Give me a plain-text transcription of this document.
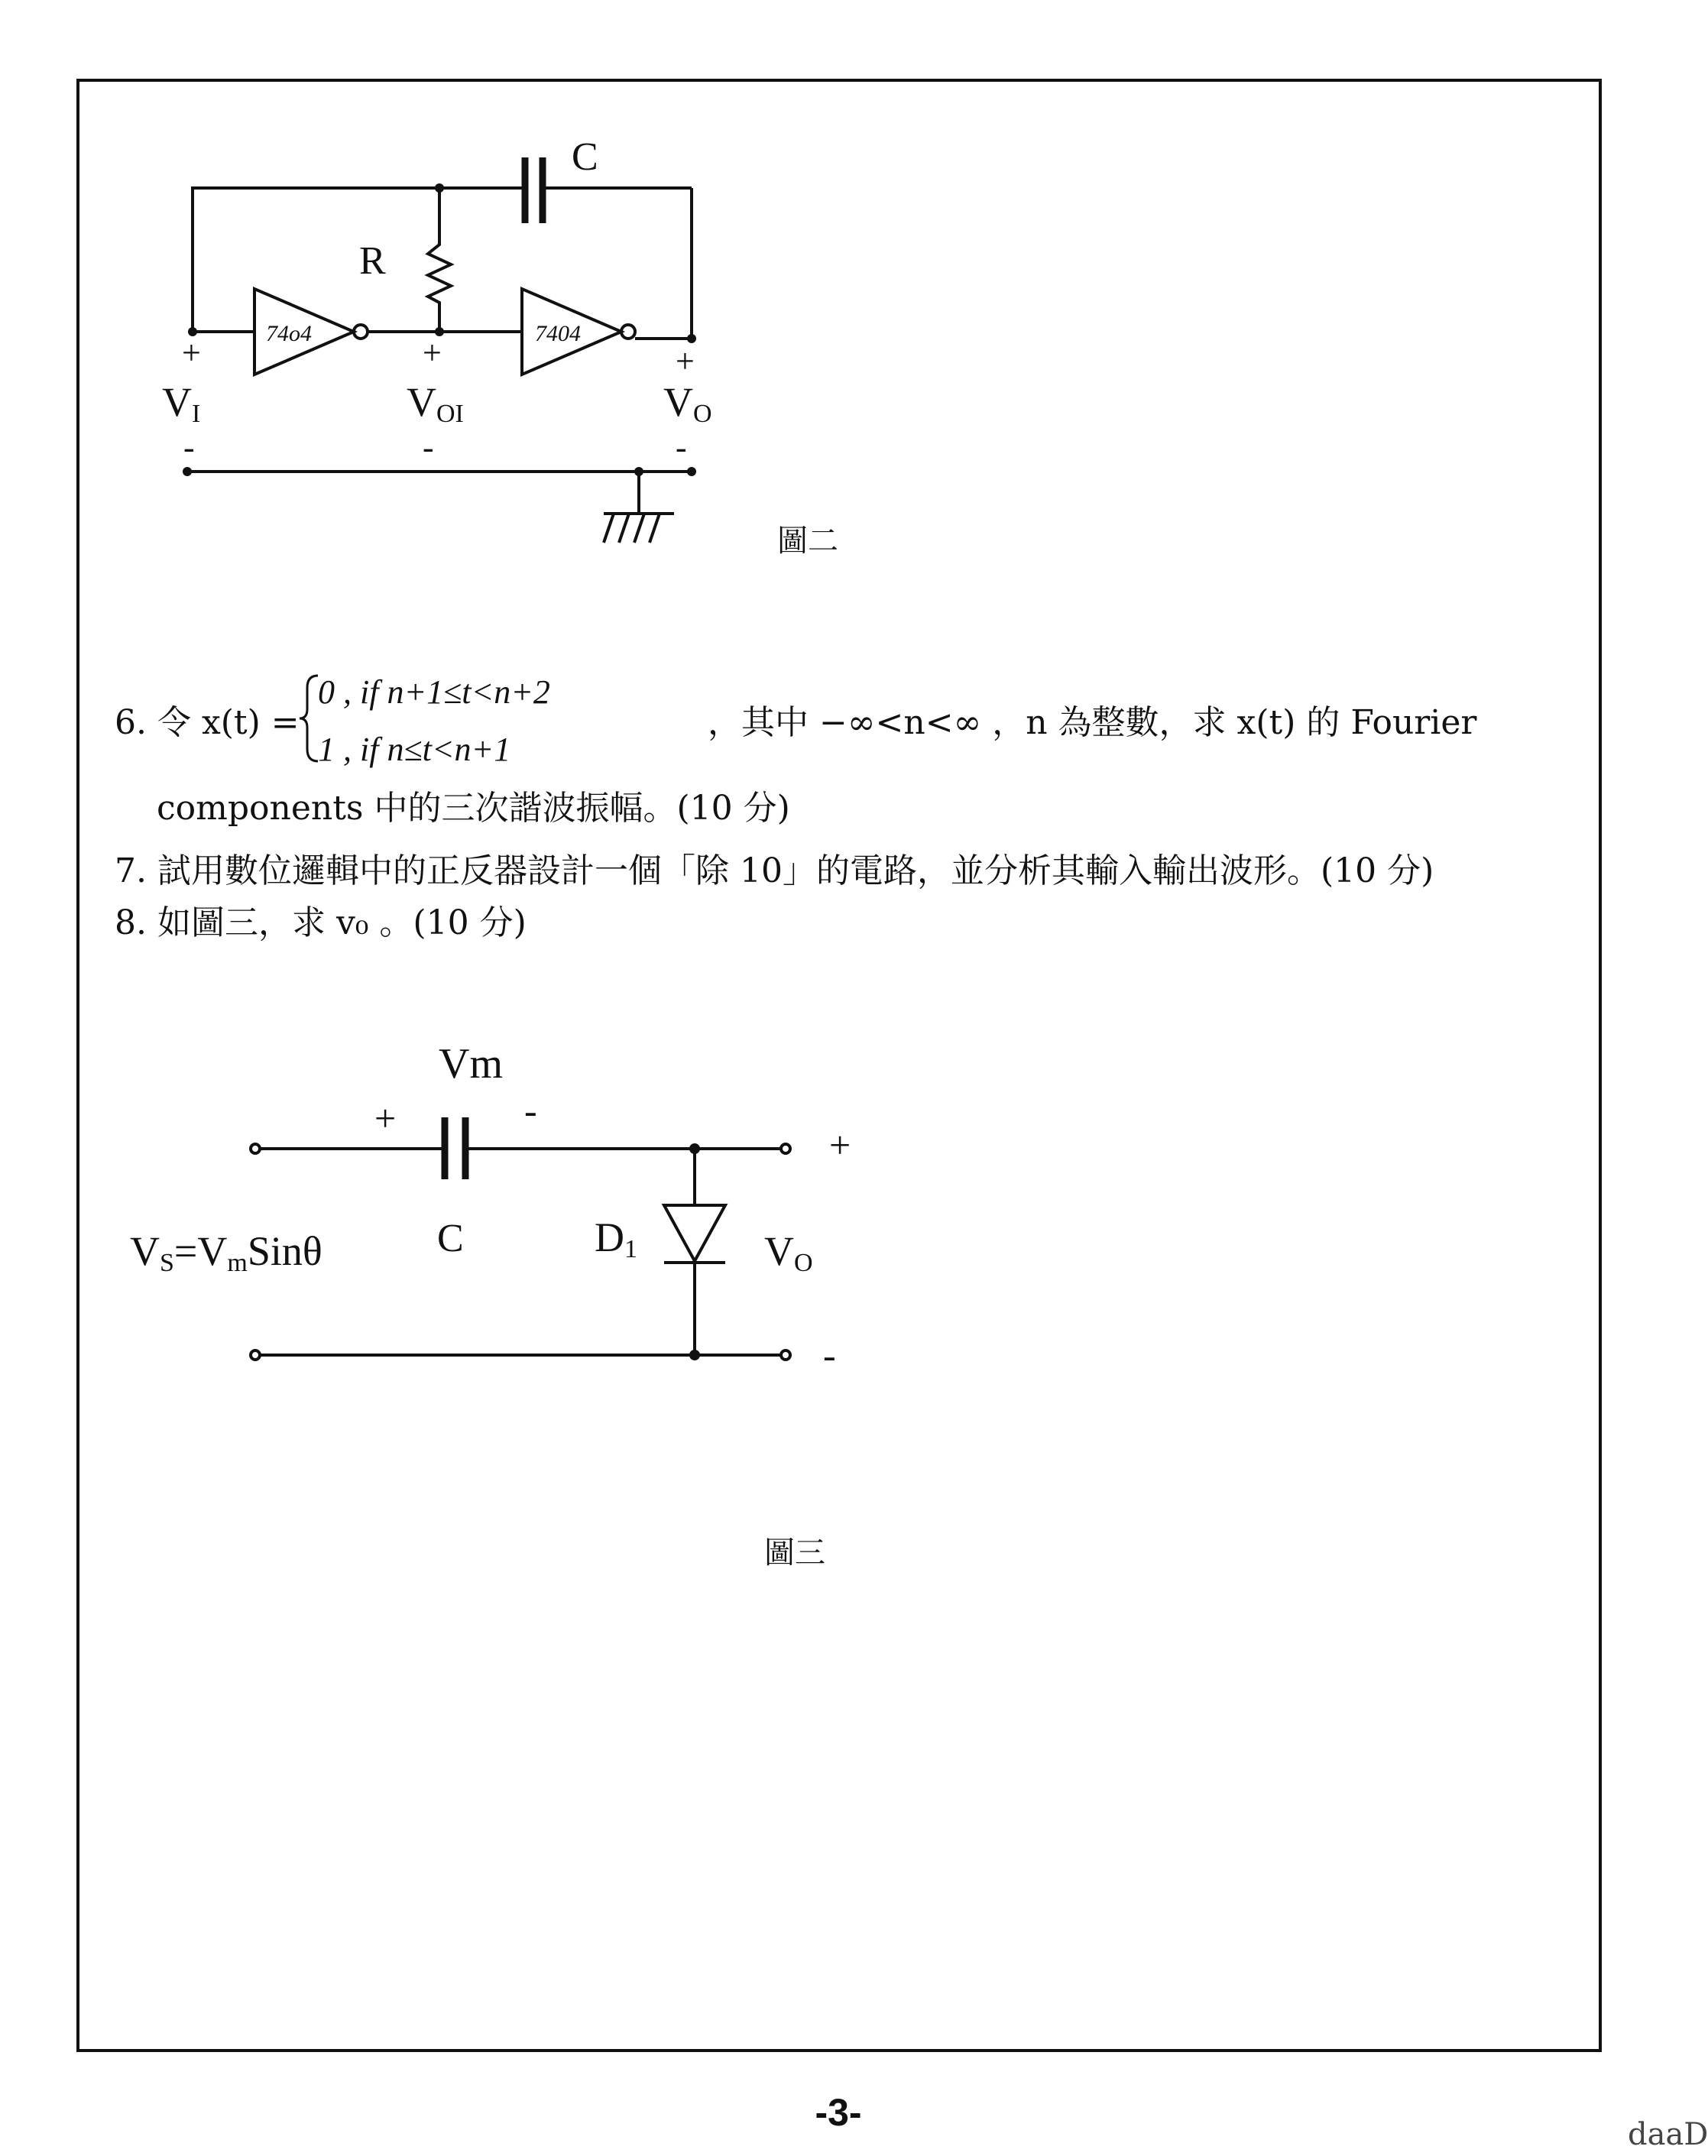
C
R
74o4	7404
+	+	+
VI	VOI	VO
-	-	-
圖二
6. 令 x(t) =
0 , if n+1≤t<n+2
1 , if n≤t<n+1
，其中 −∞<n<∞ ，n 為整數，求 x(t) 的 Fourier
components 中的三次諧波振幅。(10 分)
7. 試用數位邏輯中的正反器設計一個「除 10」的電路，並分析其輸入輸出波形。(10 分)
8. 如圖三，求 v₀ 。(10 分)
Vm
+	-
VS=VmSinθ	C	D1	VO
+
-
圖三
-3-
daaD
